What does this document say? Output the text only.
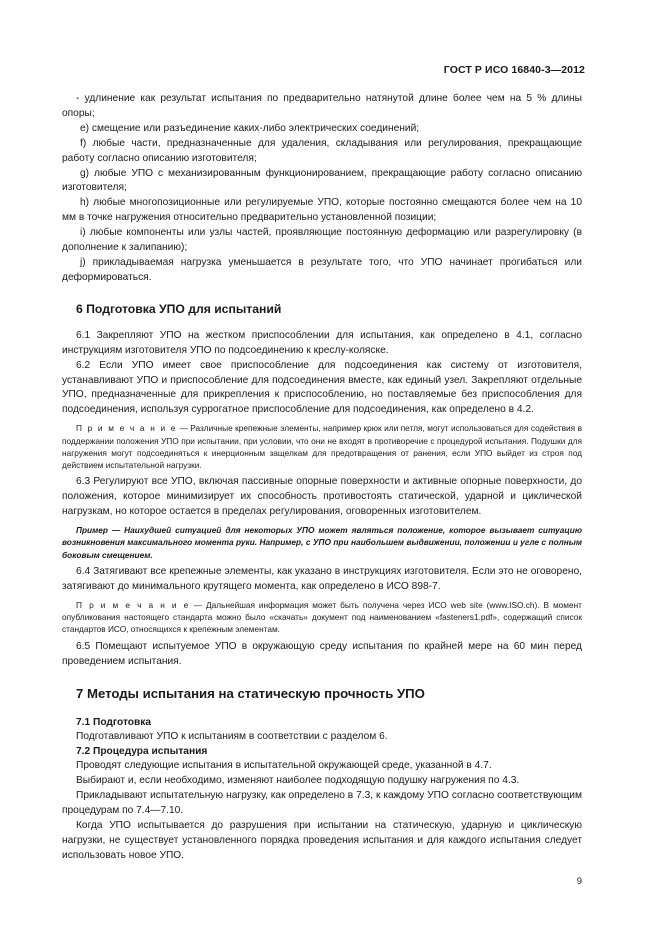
ГОСТ Р ИСО 16840-3—2012

- удлинение как результат испытания по предварительно натянутой длине более чем на 5 % длины опоры;

e) смещение или разъединение каких-либо электрических соединений;

f) любые части, предназначенные для удаления, складывания или регулирования, прекращающие работу согласно описанию изготовителя;

g) любые УПО с механизированным функционированием, прекращающие работу согласно описанию изготовителя;

h) любые многопозиционные или регулируемые УПО, которые постоянно смещаются более чем на 10 мм в точке нагружения относительно предварительно установленной позиции;

i) любые компоненты или узлы частей, проявляющие постоянную деформацию или разрегулировку (в дополнение к залипанию);

j) прикладываемая нагрузка уменьшается в результате того, что УПО начинает прогибаться или деформироваться.

6 Подготовка УПО для испытаний

6.1 Закрепляют УПО на жестком приспособлении для испытания, как определено в 4.1, согласно инструкциям изготовителя УПО по подсоединению к креслу-коляске.

6.2 Если УПО имеет свое приспособление для подсоединения как систему от изготовителя, устанавливают УПО и приспособление для подсоединения вместе, как единый узел. Закрепляют отдельные УПО, предназначенные для прикрепления к приспособлению, но поставляемые без приспособления для подсоединения, используя суррогатное приспособление для подсоединения, как определено в 4.2.

П р и м е ч а н и е — Различные крепежные элементы, например крюк или петля, могут использоваться для содействия в поддержании положения УПО при испытании, при условии, что они не входят в противоречие с процедурой испытания. Подушки для нагружения могут подсоединяться к инерционным защелкам для предотвращения от ранения, если УПО выйдет из строя под действием испытательной нагрузки.

6.3 Регулируют все УПО, включая пассивные опорные поверхности и активные опорные поверхности, до положения, которое минимизирует их способность противостоять статической, ударной и циклической нагрузкам, но которое остается в пределах регулирования, оговоренных изготовителем.

Пример — Наихудшей ситуацией для некоторых УПО может являться положение, которое вызывает ситуацию возникновения максимального момента руки. Например, с УПО при наибольшем выдвижении, положении и угле с полным боковым смещением.

6.4 Затягивают все крепежные элементы, как указано в инструкциях изготовителя. Если это не оговорено, затягивают до минимального крутящего момента, как определено в ИСО 898-7.

П р и м е ч а н и е — Дальнейшая информация может быть получена через ИСО web site (www.ISO.ch). В момент опубликования настоящего стандарта можно было «скачать» документ под наименованием «fasteners1.pdf», содержащий список стандартов ИСО, относящихся к крепежным элементам.

6.5 Помещают испытуемое УПО в окружающую среду испытания по крайней мере на 60 мин перед проведением испытания.

7 Методы испытания на статическую прочность УПО
7.1 Подготовка

Подготавливают УПО к испытаниям в соответствии с разделом 6.

7.2 Процедура испытания

Проводят следующие испытания в испытательной окружающей среде, указанной в 4.7.

Выбирают и, если необходимо, изменяют наиболее подходящую подушку нагружения по 4.3.

Прикладывают испытательную нагрузку, как определено в 7.3, к каждому УПО согласно соответствующим процедурам по 7.4—7.10.

Когда УПО испытывается до разрушения при испытании на статическую, ударную и циклическую нагрузки, не существует установленного порядка проведения испытания и для каждого испытания следует использовать новое УПО.

9
